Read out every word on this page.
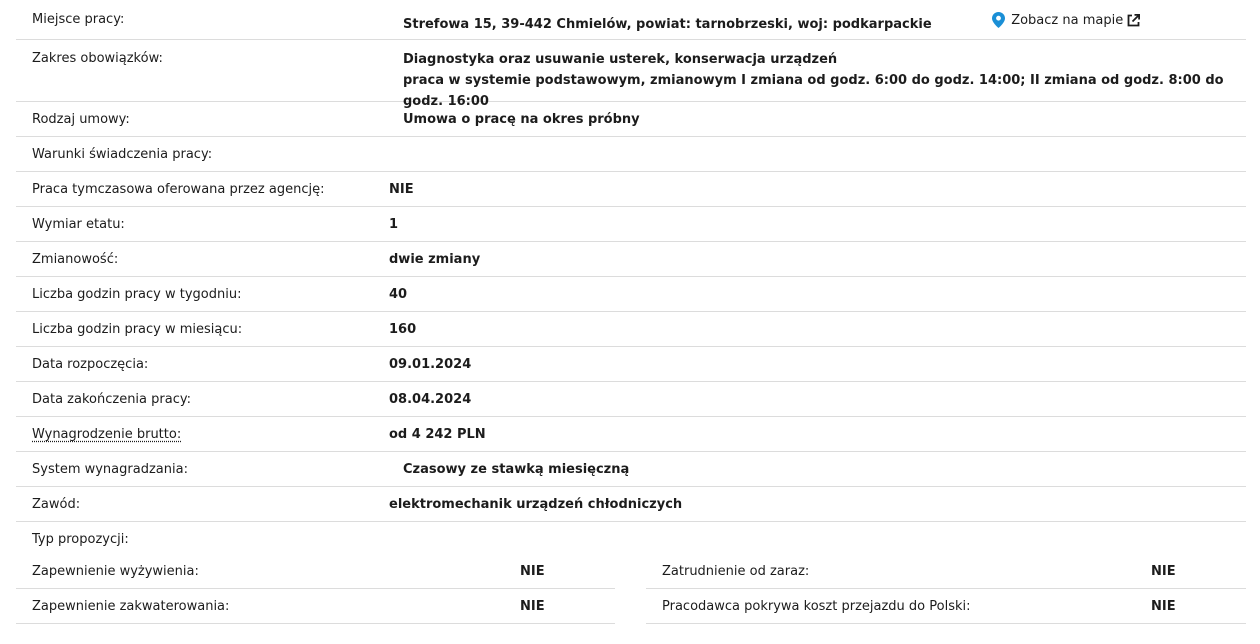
Miejsce pracy:	Strefowa 15, 39-442 Chmielów, powiat: tarnobrzeski, woj: podkarpackie	Zobacz na mapie
Zakres obowiązków:	Diagnostyka oraz usuwanie usterek, konserwacja urządzeń
praca w systemie podstawowym, zmianowym I zmiana od godz. 6:00 do godz. 14:00; II zmiana od godz. 8:00 do godz. 16:00
Rodzaj umowy:	Umowa o pracę na okres próbny
Warunki świadczenia pracy:
Praca tymczasowa oferowana przez agencję:	NIE
Wymiar etatu:	1
Zmianowość:	dwie zmiany
Liczba godzin pracy w tygodniu:	40
Liczba godzin pracy w miesiącu:	160
Data rozpoczęcia:	09.01.2024
Data zakończenia pracy:	08.04.2024
Wynagrodzenie brutto:	od 4 242 PLN
System wynagradzania:	Czasowy ze stawką miesięczną
Zawód:	elektromechanik urządzeń chłodniczych
Typ propozycji:
Zapewnienie wyżywienia:	NIE
Zapewnienie zakwaterowania:	NIE
Zatrudnienie od zaraz:	NIE
Pracodawca pokrywa koszt przejazdu do Polski:	NIE
